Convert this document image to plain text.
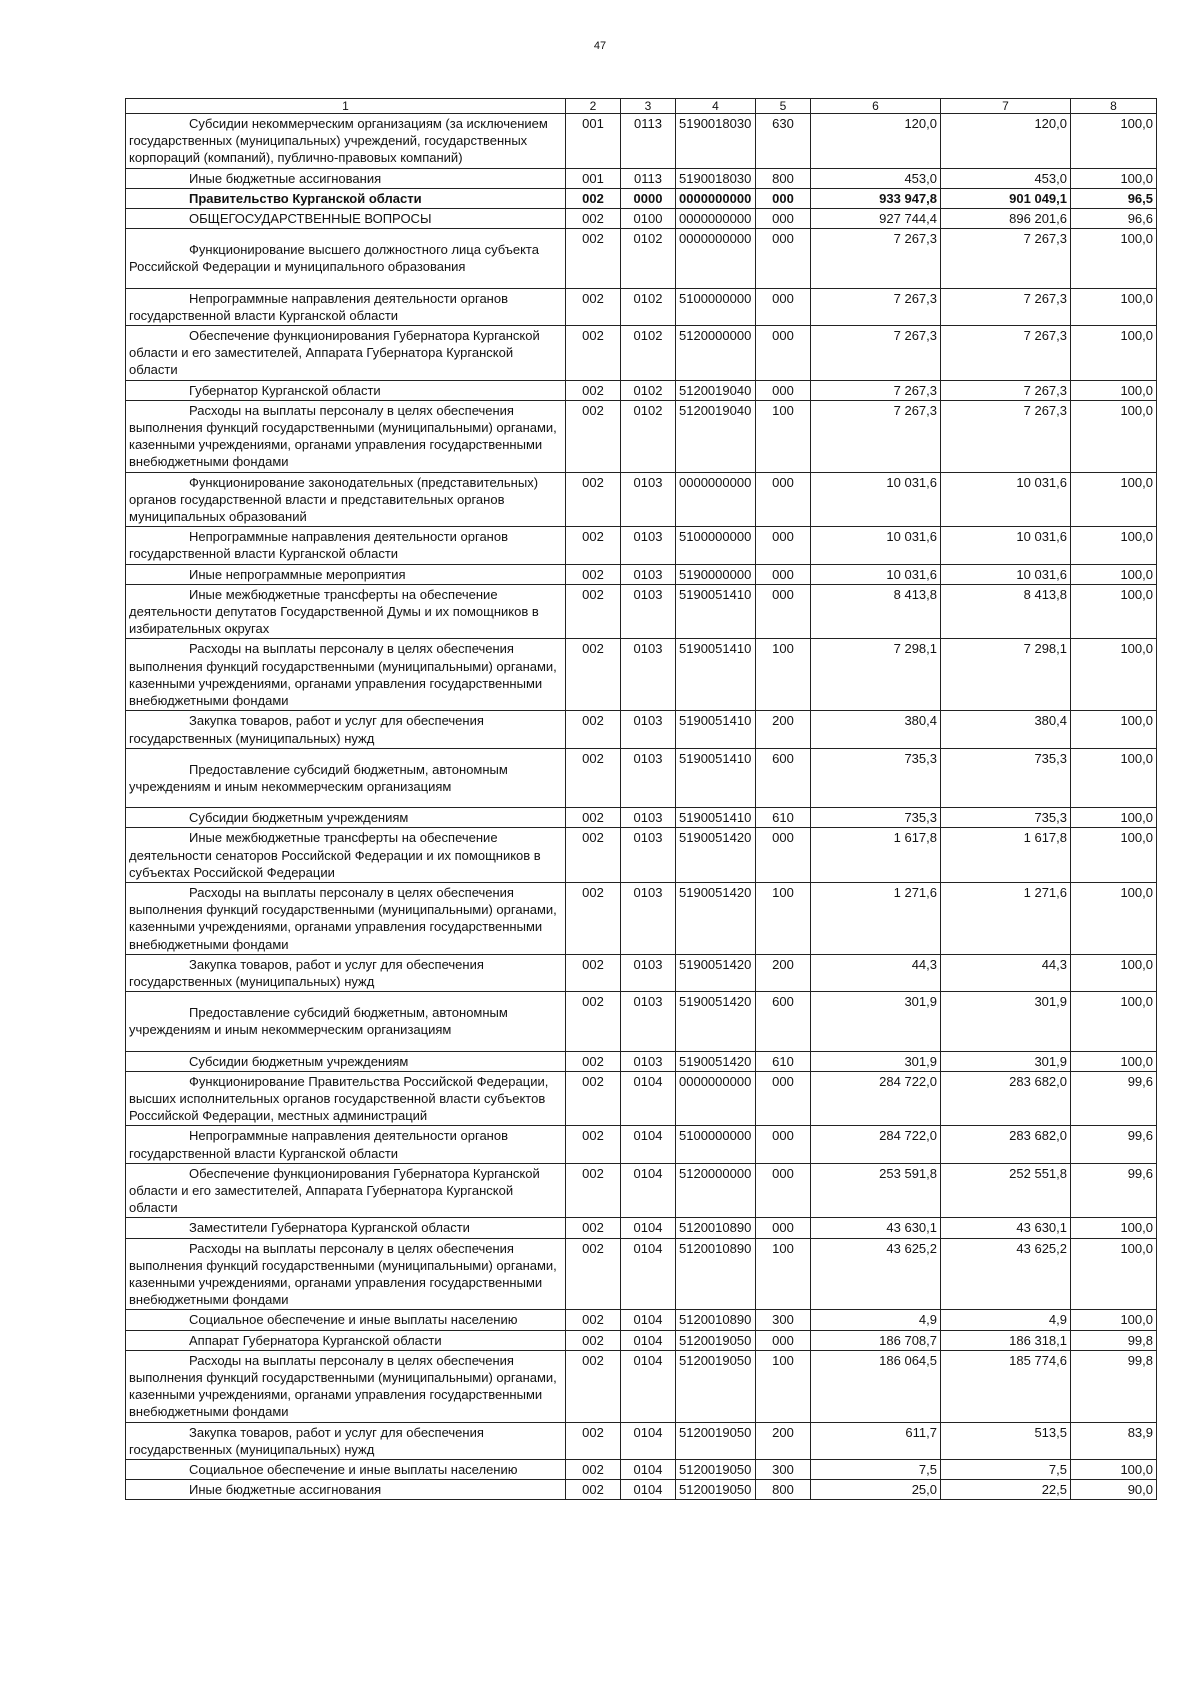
47
1	2	3	4	5	6	7	8
Субсидии некоммерческим организациям (за исключением государственных (муниципальных) учреждений, государственных корпораций (компаний), публично-правовых компаний)	001	0113	5190018030	630	120,0	120,0	100,0
Иные бюджетные ассигнования	001	0113	5190018030	800	453,0	453,0	100,0
Правительство Курганской области	002	0000	0000000000	000	933 947,8	901 049,1	96,5
ОБЩЕГОСУДАРСТВЕННЫЕ ВОПРОСЫ	002	0100	0000000000	000	927 744,4	896 201,6	96,6
Функционирование высшего должностного лица субъекта Российской Федерации и муниципального образования	002	0102	0000000000	000	7 267,3	7 267,3	100,0
Непрограммные направления деятельности органов государственной власти Курганской области	002	0102	5100000000	000	7 267,3	7 267,3	100,0
Обеспечение функционирования Губернатора Курганской области и его заместителей, Аппарата Губернатора Курганской области	002	0102	5120000000	000	7 267,3	7 267,3	100,0
Губернатор Курганской области	002	0102	5120019040	000	7 267,3	7 267,3	100,0
Расходы на выплаты персоналу в целях обеспечения выполнения функций государственными (муниципальными) органами, казенными учреждениями, органами управления государственными внебюджетными фондами	002	0102	5120019040	100	7 267,3	7 267,3	100,0
Функционирование законодательных (представительных) органов государственной власти и представительных органов муниципальных образований	002	0103	0000000000	000	10 031,6	10 031,6	100,0
Непрограммные направления деятельности органов государственной власти Курганской области	002	0103	5100000000	000	10 031,6	10 031,6	100,0
Иные непрограммные мероприятия	002	0103	5190000000	000	10 031,6	10 031,6	100,0
Иные межбюджетные трансферты на обеспечение деятельности депутатов Государственной Думы и их помощников в избирательных округах	002	0103	5190051410	000	8 413,8	8 413,8	100,0
Расходы на выплаты персоналу в целях обеспечения выполнения функций государственными (муниципальными) органами, казенными учреждениями, органами управления государственными внебюджетными фондами	002	0103	5190051410	100	7 298,1	7 298,1	100,0
Закупка товаров, работ и услуг для обеспечения государственных (муниципальных) нужд	002	0103	5190051410	200	380,4	380,4	100,0
Предоставление субсидий бюджетным, автономным учреждениям и иным некоммерческим организациям	002	0103	5190051410	600	735,3	735,3	100,0
Субсидии бюджетным учреждениям	002	0103	5190051410	610	735,3	735,3	100,0
Иные межбюджетные трансферты на обеспечение деятельности сенаторов Российской Федерации и их помощников в субъектах Российской Федерации	002	0103	5190051420	000	1 617,8	1 617,8	100,0
Расходы на выплаты персоналу в целях обеспечения выполнения функций государственными (муниципальными) органами, казенными учреждениями, органами управления государственными внебюджетными фондами	002	0103	5190051420	100	1 271,6	1 271,6	100,0
Закупка товаров, работ и услуг для обеспечения государственных (муниципальных) нужд	002	0103	5190051420	200	44,3	44,3	100,0
Предоставление субсидий бюджетным, автономным учреждениям и иным некоммерческим организациям	002	0103	5190051420	600	301,9	301,9	100,0
Субсидии бюджетным учреждениям	002	0103	5190051420	610	301,9	301,9	100,0
Функционирование Правительства Российской Федерации, высших исполнительных органов государственной власти субъектов Российской Федерации, местных администраций	002	0104	0000000000	000	284 722,0	283 682,0	99,6
Непрограммные направления деятельности органов государственной власти Курганской области	002	0104	5100000000	000	284 722,0	283 682,0	99,6
Обеспечение функционирования Губернатора Курганской области и его заместителей, Аппарата Губернатора Курганской области	002	0104	5120000000	000	253 591,8	252 551,8	99,6
Заместители Губернатора Курганской области	002	0104	5120010890	000	43 630,1	43 630,1	100,0
Расходы на выплаты персоналу в целях обеспечения выполнения функций государственными (муниципальными) органами, казенными учреждениями, органами управления государственными внебюджетными фондами	002	0104	5120010890	100	43 625,2	43 625,2	100,0
Социальное обеспечение и иные выплаты населению	002	0104	5120010890	300	4,9	4,9	100,0
Аппарат Губернатора Курганской области	002	0104	5120019050	000	186 708,7	186 318,1	99,8
Расходы на выплаты персоналу в целях обеспечения выполнения функций государственными (муниципальными) органами, казенными учреждениями, органами управления государственными внебюджетными фондами	002	0104	5120019050	100	186 064,5	185 774,6	99,8
Закупка товаров, работ и услуг для обеспечения государственных (муниципальных) нужд	002	0104	5120019050	200	611,7	513,5	83,9
Социальное обеспечение и иные выплаты населению	002	0104	5120019050	300	7,5	7,5	100,0
Иные бюджетные ассигнования	002	0104	5120019050	800	25,0	22,5	90,0
